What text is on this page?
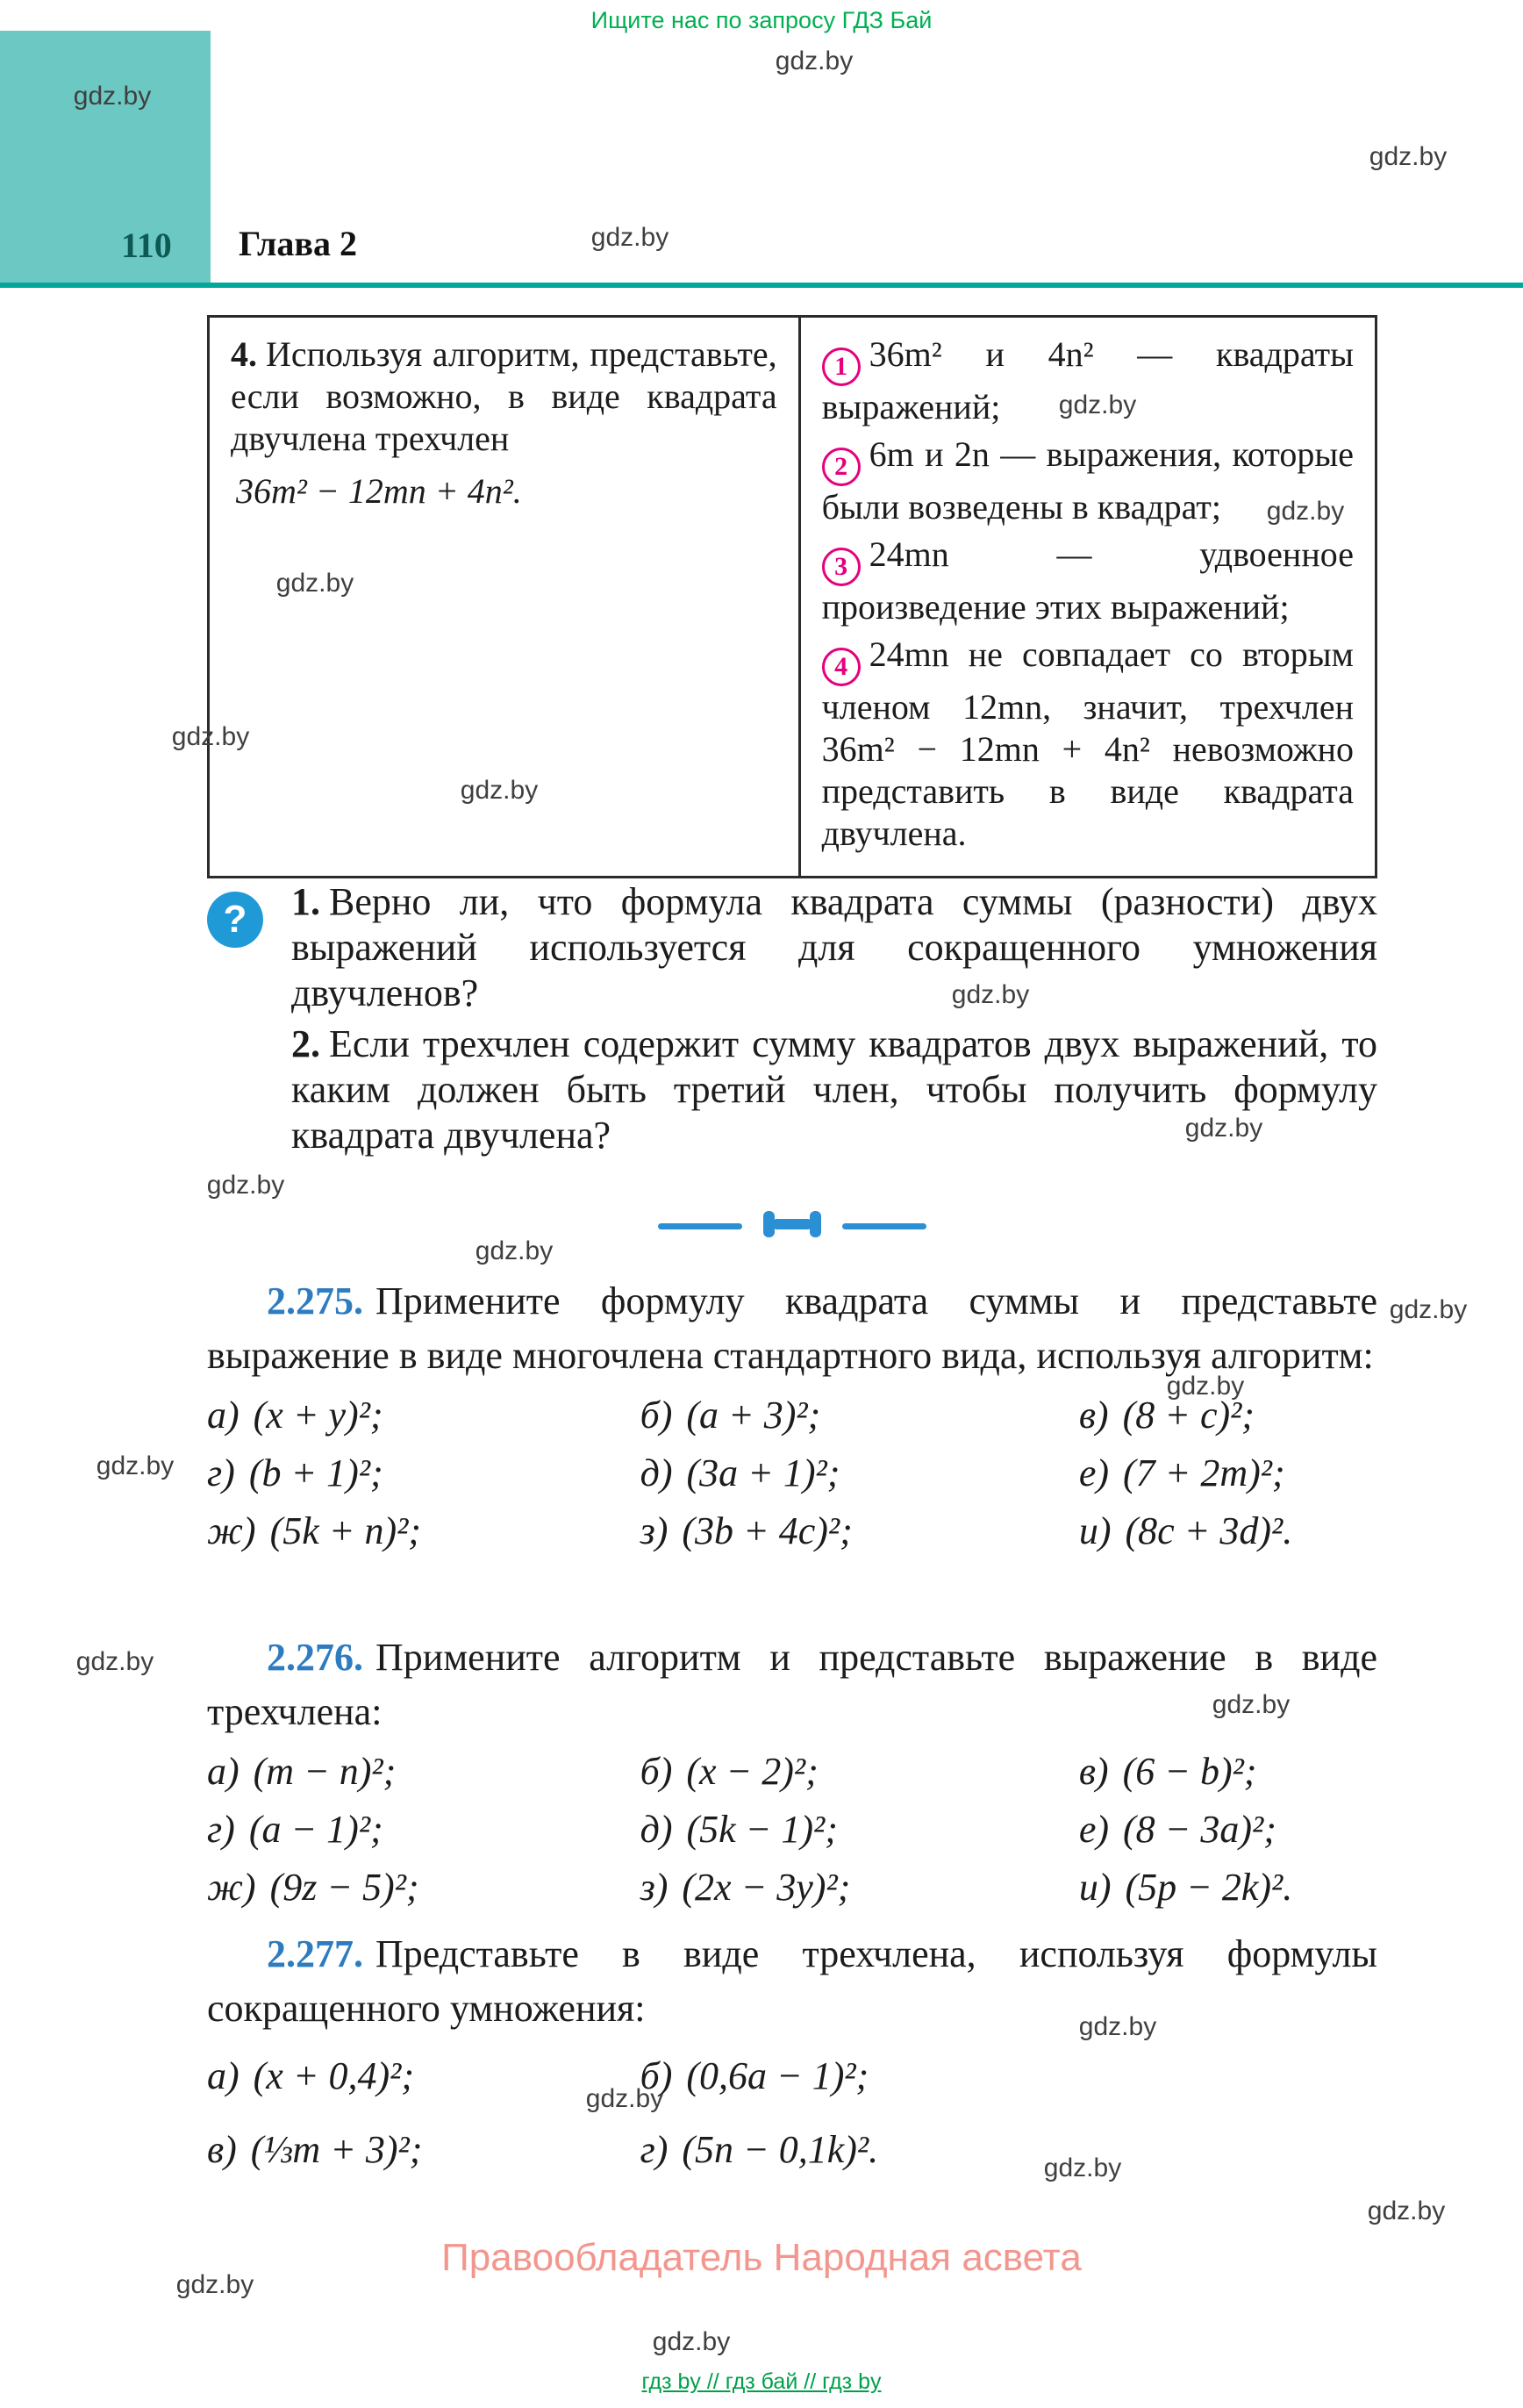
Ищите нас по запросу ГДЗ Бай
110 Глава 2

4. Используя алгоритм, представьте, если возможно, в виде квадрата двучлена трехчлен

36m² − 12mn + 4n².

1 36m² и 4n² — квадраты выражений;

2 6m и 2n — выражения, которые были возведены в квадрат;

3 24mn — удвоенное произведение этих выражений;

4 24mn не совпадает со вторым членом 12mn, значит, трехчлен 36m² − 12mn + 4n² невозможно представить в виде квадрата двучлена.

?	1. Верно ли, что формула квадрата суммы (разности) двух выражений используется для сокращенного умножения двучленов?

2. Если трехчлен содержит сумму квадратов двух выражений, то каким должен быть третий член, чтобы получить формулу квадрата двучлена?

2.275. Примените формулу квадрата суммы и представьте выражение в виде многочлена стандартного вида, используя алгоритм:

а) (x + y)²;	б) (a + 3)²;	в) (8 + c)²;
г) (b + 1)²;	д) (3a + 1)²;	е) (7 + 2m)²;
ж) (5k + n)²;	з) (3b + 4c)²;	и) (8c + 3d)².

2.276. Примените алгоритм и представьте выражение в виде трехчлена:

а) (m − n)²;	б) (x − 2)²;	в) (6 − b)²;
г) (a − 1)²;	д) (5k − 1)²;	е) (8 − 3a)²;
ж) (9z − 5)²;	з) (2x − 3y)²;	и) (5p − 2k)².

2.277. Представьте в виде трехчлена, используя формулы сокращенного умножения:

а) (x + 0,4)²;	б) (0,6a − 1)²;
в) (⅓m + 3)²;	г) (5n − 0,1k)².
Правообладатель Народная асвета
гдз by // гдз бай // гдз by
gdz.by
gdz.by
gdz.by
gdz.by
gdz.by
gdz.by
gdz.by
gdz.by
gdz.by
gdz.by
gdz.by
gdz.by
gdz.by
gdz.by
gdz.by
gdz.by
gdz.by
gdz.by
gdz.by
gdz.by
gdz.by
gdz.by
gdz.by
gdz.by
